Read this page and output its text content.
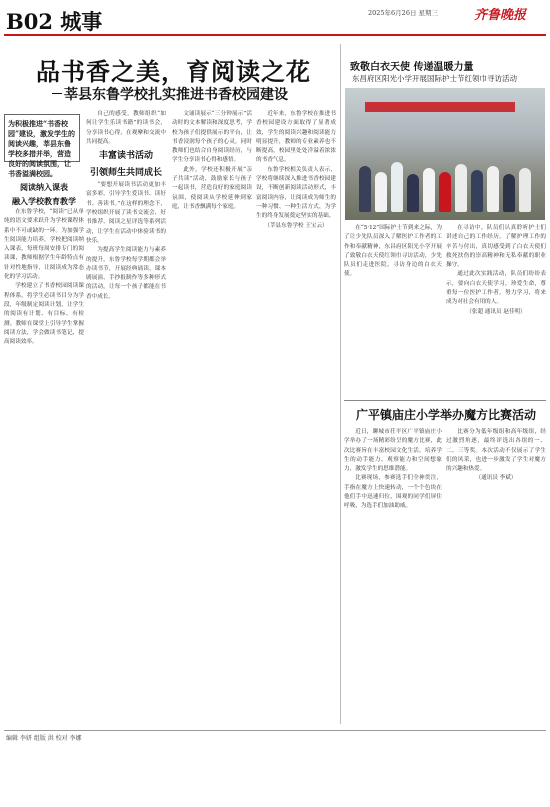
B02 城事	2025年6月26日 星期三	齐鲁晚报
品书香之美，育阅读之花
莘县东鲁学校扎实推进书香校园建设
为积极推进“书香校园”建设，激发学生的阅读兴趣，莘县东鲁学校多措并举，营造良好的阅读氛围，让书香溢满校园。
阅读纳入课表
融入学校教育教学

在东鲁学校，“阅读”已从单纯的语文要求跃升为学校课程体系中不可或缺的一环。为加强学生阅读能力培养，学校把阅读纳入课表，每班每周安排专门的阅读课，教师根据学生年龄特点有针对性地指导，让阅读成为常态化的学习活动。

学校建立了书香校园阅读课程体系，将学生必读书目分为学段，年级制定阅读计划，让学生的阅读有计划、有目标、有检测。教师在课堂上引导学生掌握阅读方法，学会做读书笔记，提高阅读效率。

自己的感受，教师组织“如何让学生乐读书籍”的读书会，分享读书心得，在观摩和交流中共同提高。

丰富读书活动
引领师生共同成长

“要想开展读书活动更加丰富多彩，引导学生爱读书、读好书、善读书。”在这样的理念下，学校组织开展了读书交流会、好书推荐、阅读之星评选等系列活动，让学生在活动中体验读书的快乐。

为提高学生阅读能力与素养的提升，东鲁学校每学期都会举办读书节，开展经典诵读、课本剧展演、手抄报制作等多种形式的活动，让每一个孩子都能在书香中成长。

文诵读展示“三分钟展示”活动时的文本解读和深度思考，学校为孩子们提供展示的平台，让书香浸润每个孩子的心灵，同时教师们也结合自身阅读经历，与学生分享读书心得和感悟。

此外，学校还积极开展“亲子共读”活动，鼓励家长与孩子一起读书，营造良好的家庭阅读氛围，使阅读从学校延伸到家庭，让书香飘满每个家庭。

近年来，东鲁学校在推进书香校园建设方面取得了显著成效，学生的阅读兴趣和阅读能力明显提升，教师的专业素养也不断提高，校园里处处洋溢着浓浓的书香气息。

东鲁学校相关负责人表示，学校将继续深入推进书香校园建设，不断创新阅读活动形式，丰富阅读内容，让阅读成为师生的一种习惯、一种生活方式，为学生的终身发展奠定坚实的基础。

（莘县东鲁学校 王宝云）

致敬白衣天使 传递温暖力量
东昌府区阳光小学开展国际护士节红领巾寻访活动

在“5·12”国际护士节到来之际，为了让少先队员深入了解医护工作者的工作和奉献精神，东昌府区阳光小学开展了致敬白衣天使红领巾寻访活动，少先队员们走进医院，寻访身边的白衣天使。

在寻访中，队员们认真聆听护士们讲述自己的工作经历，了解护理工作的辛苦与付出，真切感受到了白衣天使们救死扶伤的崇高精神和无私奉献的职业操守。

通过此次实践活动，队员们纷纷表示，要向白衣天使学习，珍爱生命，尊重每一位医护工作者，努力学习，将来成为对社会有用的人。

（张超 通讯员 赵佳明）

广平镇庙庄小学举办魔方比赛活动

近日，聊城市茌平区广平镇庙庄小学举办了一场精彩纷呈的魔方比赛，此次比赛旨在丰富校园文化生活，培养学生的动手能力、观察能力和空间想象力，激发学生的思维潜能。

比赛现场，参赛选手们全神贯注，手指在魔方上快速转动，一个个色块在他们手中迅速归位，围观的同学们屏住呼吸，为选手们加油助威。

比赛分为低年级组和高年级组，经过激烈角逐，最终评选出各组的一、二、三等奖。本次活动不仅展示了学生们的风采，也进一步激发了学生对魔方的兴趣和热爱。

（通讯员 李斌）

编辑 李妍 组版 洪 校对 李娜
